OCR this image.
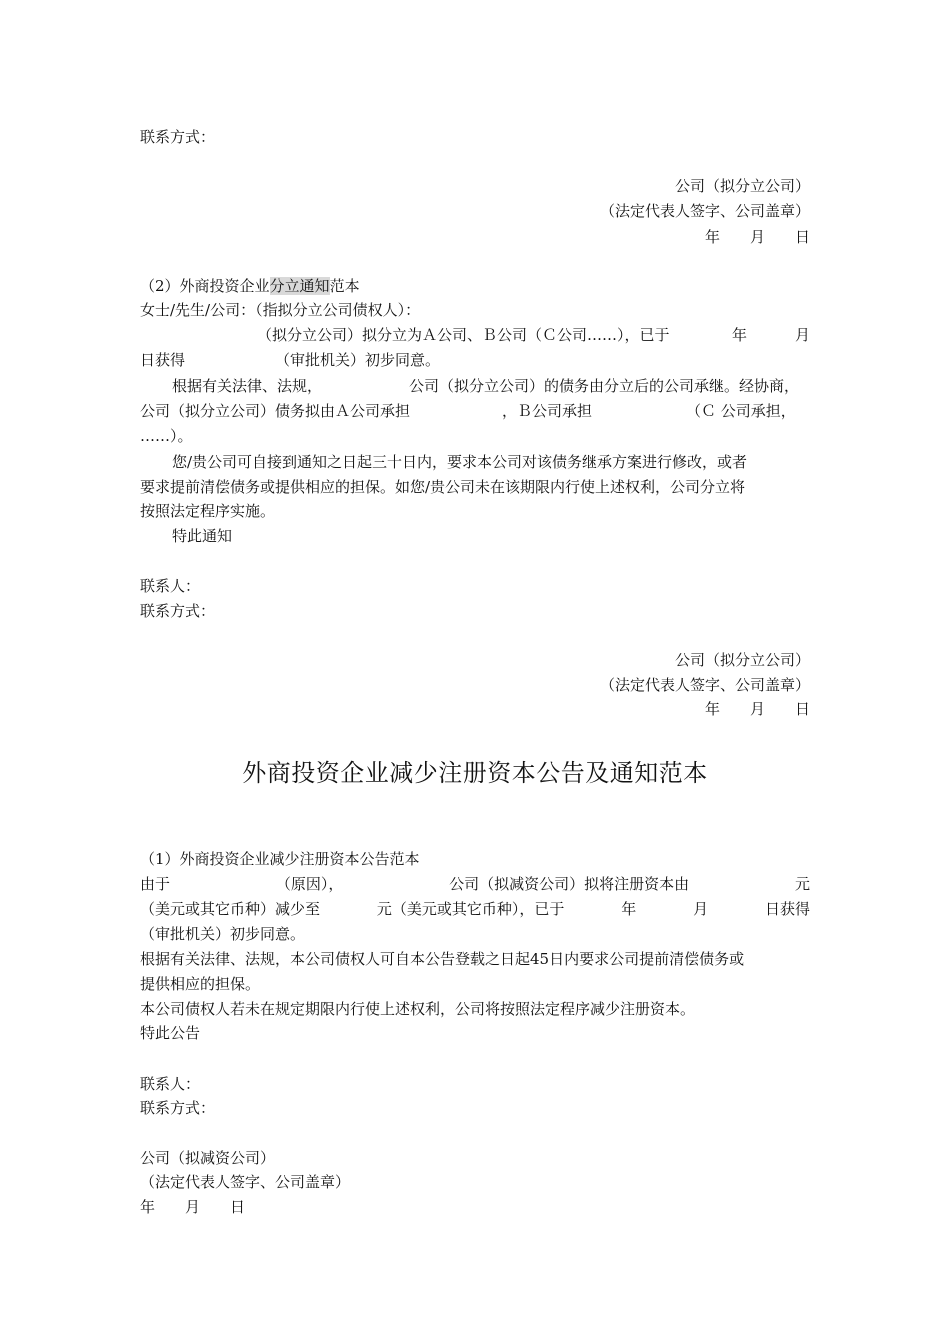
联系方式：
公司（拟分立公司）
（法定代表人签字、公司盖章）
年　　月　　日
（2）外商投资企业分立通知范本
女士/先生/公司：（指拟分立公司债权人）：
（拟分立公司）拟分立为Ａ公司、Ｂ公司（Ｃ公司……），已于	年	月
日获得	（审批机关）初步同意。
根据有关法律、法规，	公司（拟分立公司）的债务由分立后的公司承继。经协商，
公司（拟分立公司）债务拟由Ａ公司承担	，Ｂ公司承担	（Ｃ 公司承担，
……）。
您/贵公司可自接到通知之日起三十日内，要求本公司对该债务继承方案进行修改，或者
要求提前清偿债务或提供相应的担保。如您/贵公司未在该期限内行使上述权利，公司分立将
按照法定程序实施。
特此通知
联系人：
联系方式：
公司（拟分立公司）
（法定代表人签字、公司盖章）
年　　月　　日
外商投资企业减少注册资本公告及通知范本
（1）外商投资企业减少注册资本公告范本
由于	（原因），	公司（拟减资公司）拟将注册资本由	元
（美元或其它币种）减少至	元（美元或其它币种），已于	年	月	日获得
（审批机关）初步同意。
根据有关法律、法规，本公司债权人可自本公告登载之日起45日内要求公司提前清偿债务或
提供相应的担保。
本公司债权人若未在规定期限内行使上述权利，公司将按照法定程序减少注册资本。
特此公告
联系人：
联系方式：
公司（拟减资公司）
（法定代表人签字、公司盖章）
年　　月　　日
